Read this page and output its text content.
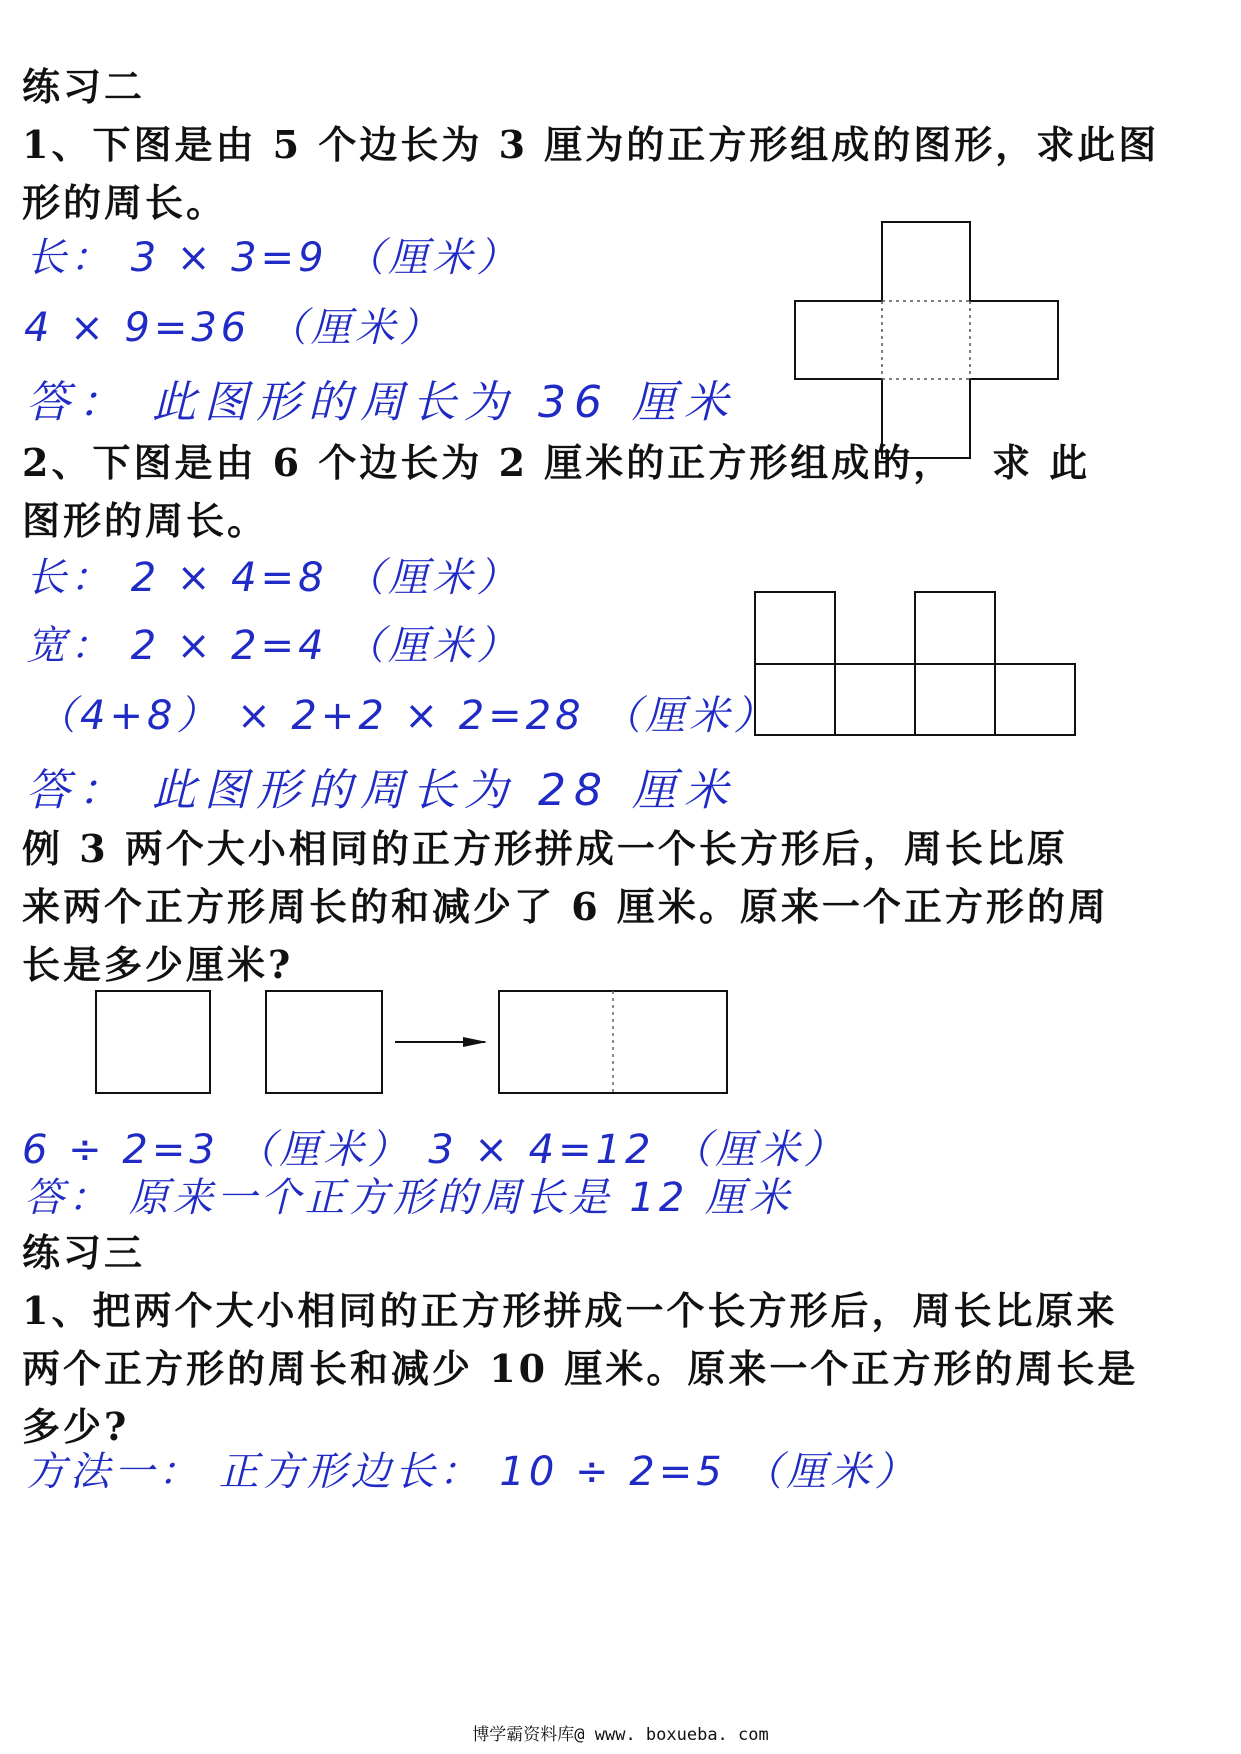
练习二
1、下图是由 5 个边长为 3 厘为的正方形组成的图形，求此图
形的周长。
长： 3 × 3=9 （厘米）
4 × 9=36 （厘米）
答： 此图形的周长为 36 厘米
2、下图是由 6 个边长为 2 厘米的正方形组成的， 求 此
图形的周长。
长： 2 × 4=8 （厘米）
宽： 2 × 2=4 （厘米）
（4+8） × 2+2 × 2=28 （厘米）
答： 此图形的周长为 28 厘米
例 3 两个大小相同的正方形拼成一个长方形后，周长比原
来两个正方形周长的和减少了 6 厘米。原来一个正方形的周
长是多少厘米?
6 ÷ 2=3 （厘米） 3 × 4=12 （厘米）
答： 原来一个正方形的周长是 12 厘米
练习三
1、把两个大小相同的正方形拼成一个长方形后，周长比原来
两个正方形的周长和减少 10 厘米。原来一个正方形的周长是
多少?
方法一： 正方形边长： 10 ÷ 2=5 （厘米）
博学霸资料库@ www. boxueba. com
